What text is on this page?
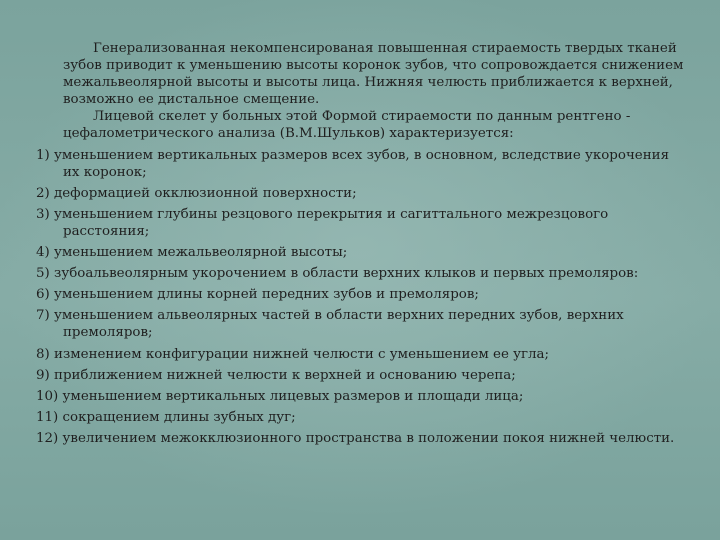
Генерализованная некомпенсированая повышенная стираемость твердых тканей зубов приводит к уменьшению высоты коронок зубов, что сопровождается снижением межальвеолярной высоты и высоты лица. Нижняя челюсть приближается к верхней, возможно ее дистальное смещение.

Лицевой скелет у больных этой Формой стираемости по данным рентгено - цефалометрического анализа (В.М.Шульков) характеризуется:

1) уменьшением вертикальных размеров всех зубов, в основном, вследствие укорочения их коронок;

2) деформацией окклюзионной поверхности;

3) уменьшением глубины резцового перекрытия и сагиттального межрезцового расстояния;

4) уменьшением межальвеолярной высоты;

5) зубоальвеолярным укорочением в области верхних клыков и первых премоляров:

6) уменьшением длины корней передних зубов и премоляров;

7) уменьшением альвеолярных частей в области верхних передних зубов, верхних премоляров;

8) изменением конфигурации нижней челюсти с уменьшением ее угла;

9) приближением нижней челюсти к верхней и основанию черепа;

10) уменьшением вертикальных лицевых размеров и площади лица;

11) сокращением длины зубных дуг;

12) увеличением межокклюзионного пространства в положении покоя нижней челюсти.
